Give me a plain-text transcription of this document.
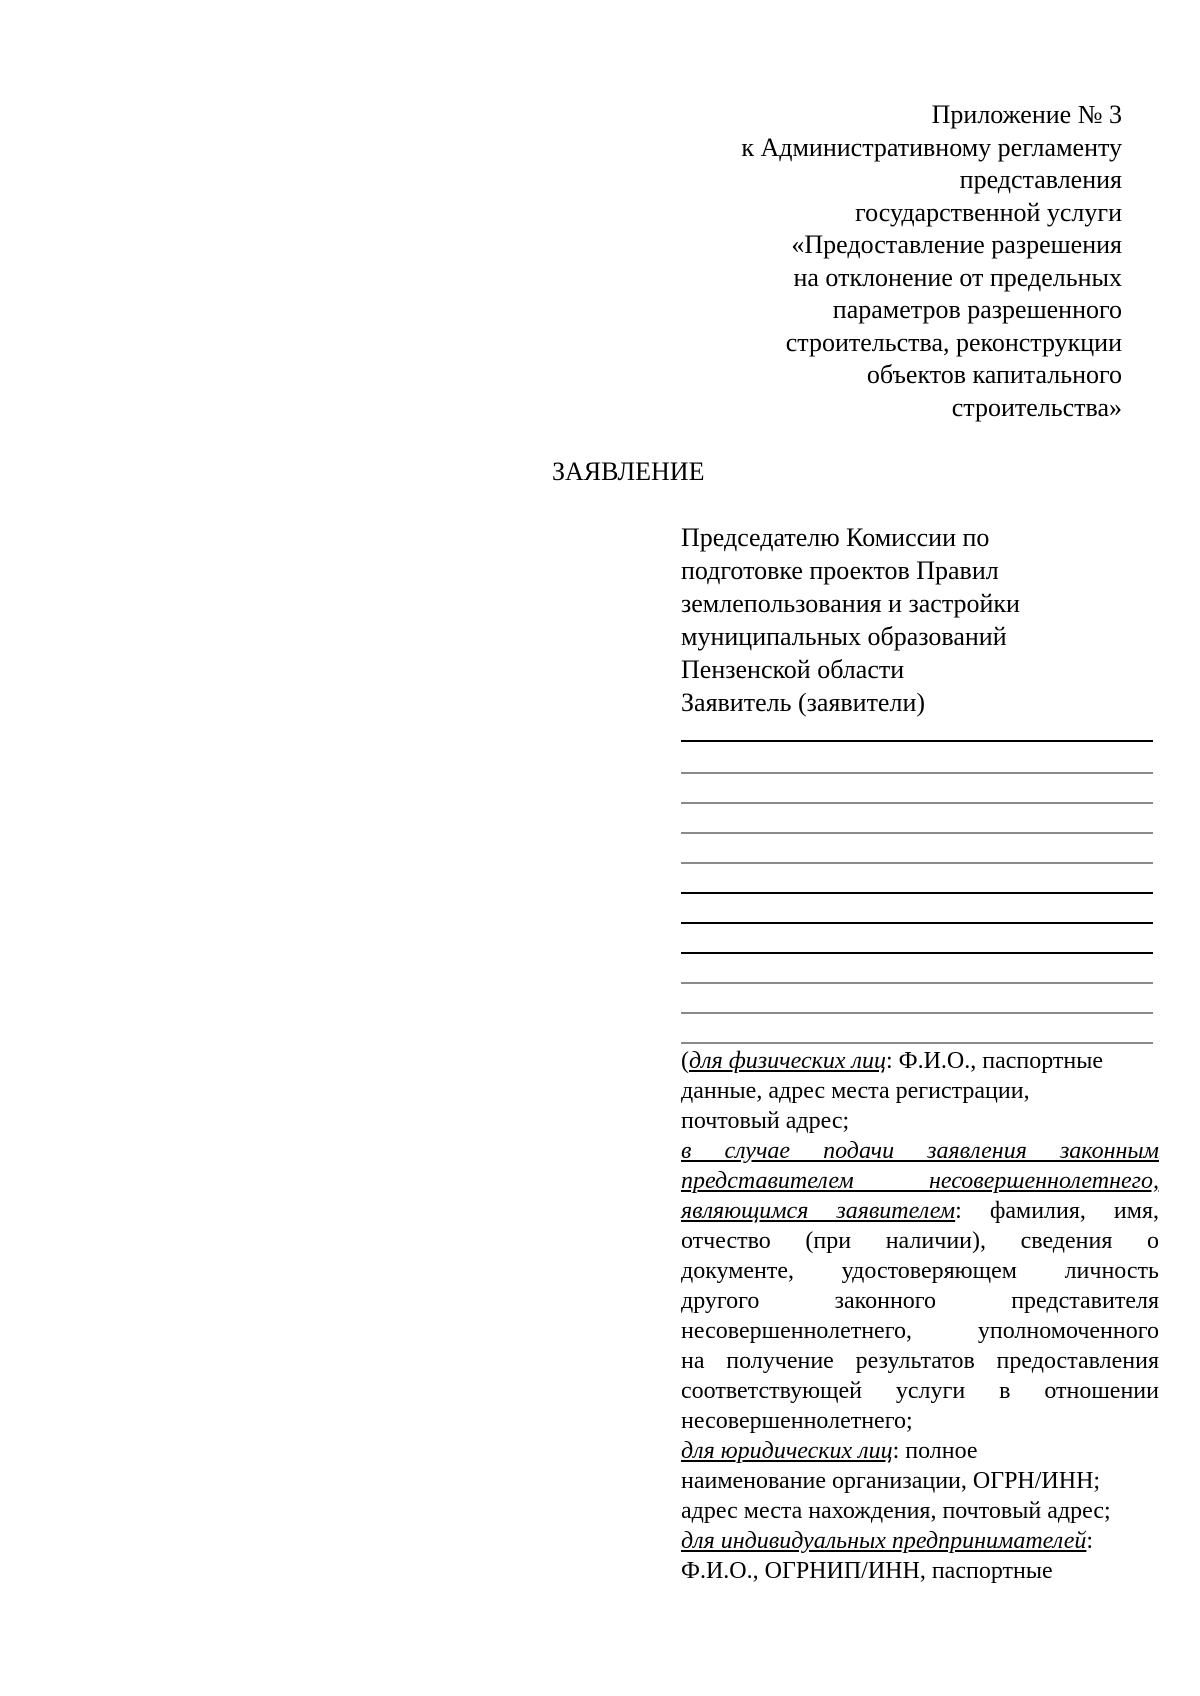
Приложение № 3
к Административному регламенту
представления
государственной услуги
«Предоставление разрешения
на отклонение от предельных
параметров разрешенного
строительства, реконструкции
объектов капитального
строительства»
ЗАЯВЛЕНИЕ
Председателю Комиссии по
подготовке проектов Правил
землепользования и застройки
муниципальных образований
Пензенской области
Заявитель (заявители)
(для физических лиц: Ф.И.О., паспортные
данные, адрес места регистрации,
почтовый адрес;
в случае подачи заявления законным
представителем несовершеннолетнего,
являющимся заявителем: фамилия, имя,
отчество (при наличии), сведения о
документе, удостоверяющем личность
другого законного представителя
несовершеннолетнего, уполномоченного
на получение результатов предоставления
соответствующей услуги в отношении
несовершеннолетнего;
для юридических лиц: полное
наименование организации, ОГРН/ИНН;
адрес места нахождения, почтовый адрес;
для индивидуальных предпринимателей:
Ф.И.О., ОГРНИП/ИНН, паспортные
